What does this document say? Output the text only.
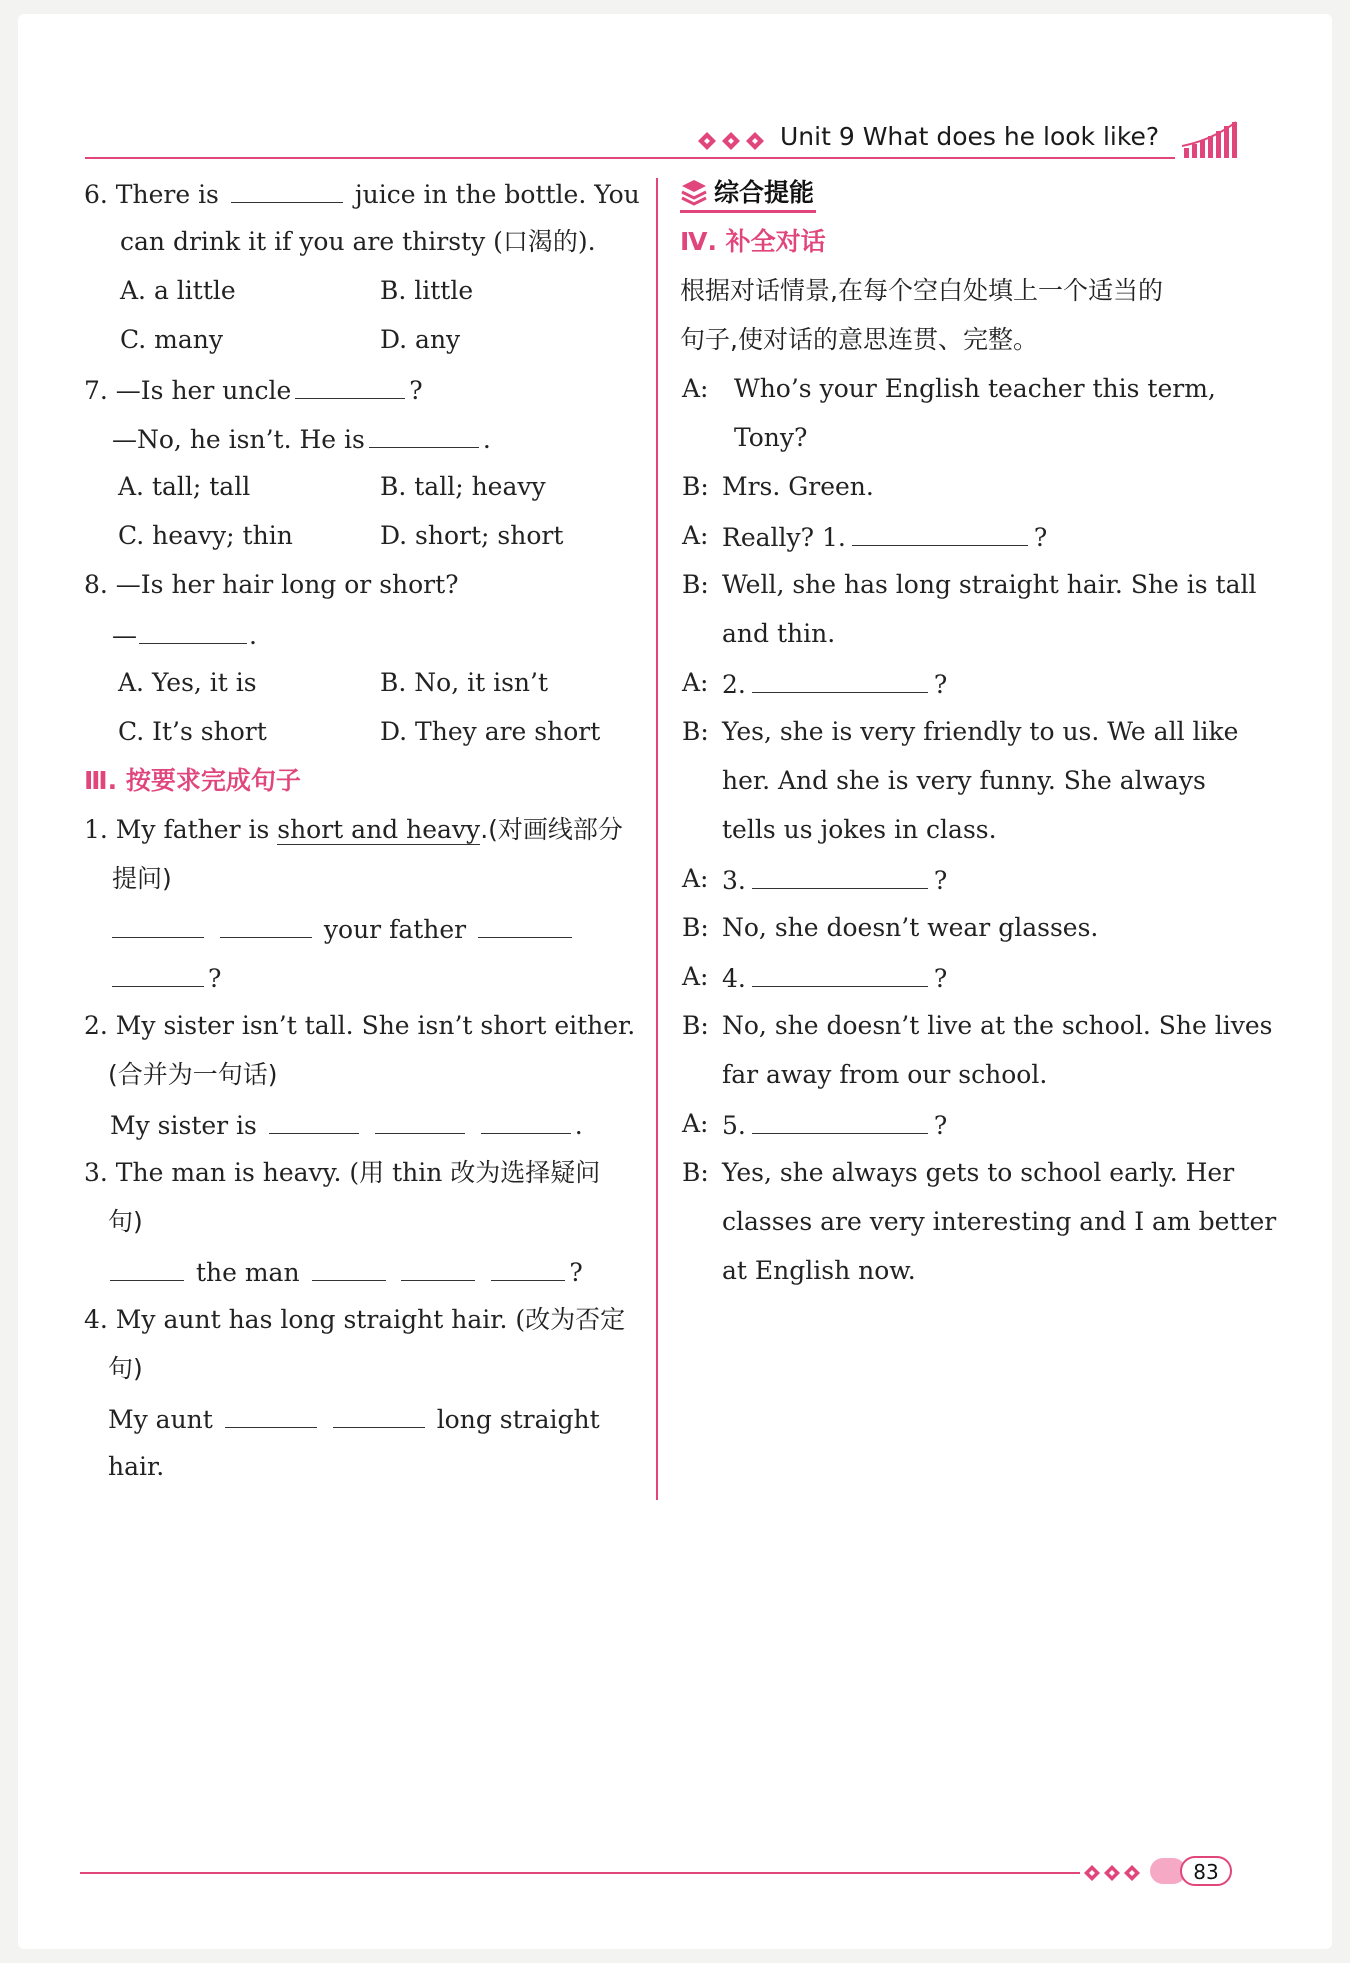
Unit 9 What does he look like?
6. There is	juice in the bottle. You
can drink it if you are thirsty (口渴的).
A. a little	B. little
C. many	D. any
7. —Is her uncle	?
—No, he isn’t. He is	.
A. tall; tall	B. tall; heavy
C. heavy; thin	D. short; short
8. —Is her hair long or short?
—	.
A. Yes, it is	B. No, it isn’t
C. It’s short	D. They are short
Ⅲ. 按要求完成句子
1. My father is short and heavy.(对画线部分
提问)
your father
?
2. My sister isn’t tall. She isn’t short either.
(合并为一句话)
My sister is	.
3. The man is heavy. (用 thin 改为选择疑问
句)
the man	?
4. My aunt has long straight hair. (改为否定
句)
My aunt	long straight
hair.
综合提能
Ⅳ. 补全对话
根据对话情景,在每个空白处填上一个适当的
句子,使对话的意思连贯、完整。
A: Who’s your English teacher this term,
Tony?
B: Mrs. Green.
A: Really? 1.	?
B: Well, she has long straight hair. She is tall
and thin.
A: 2.	?
B: Yes, she is very friendly to us. We all like
her. And she is very funny. She always
tells us jokes in class.
A: 3.	?
B: No, she doesn’t wear glasses.
A: 4.	?
B: No, she doesn’t live at the school. She lives
far away from our school.
A: 5.	?
B: Yes, she always gets to school early. Her
classes are very interesting and I am better
at English now.
83
